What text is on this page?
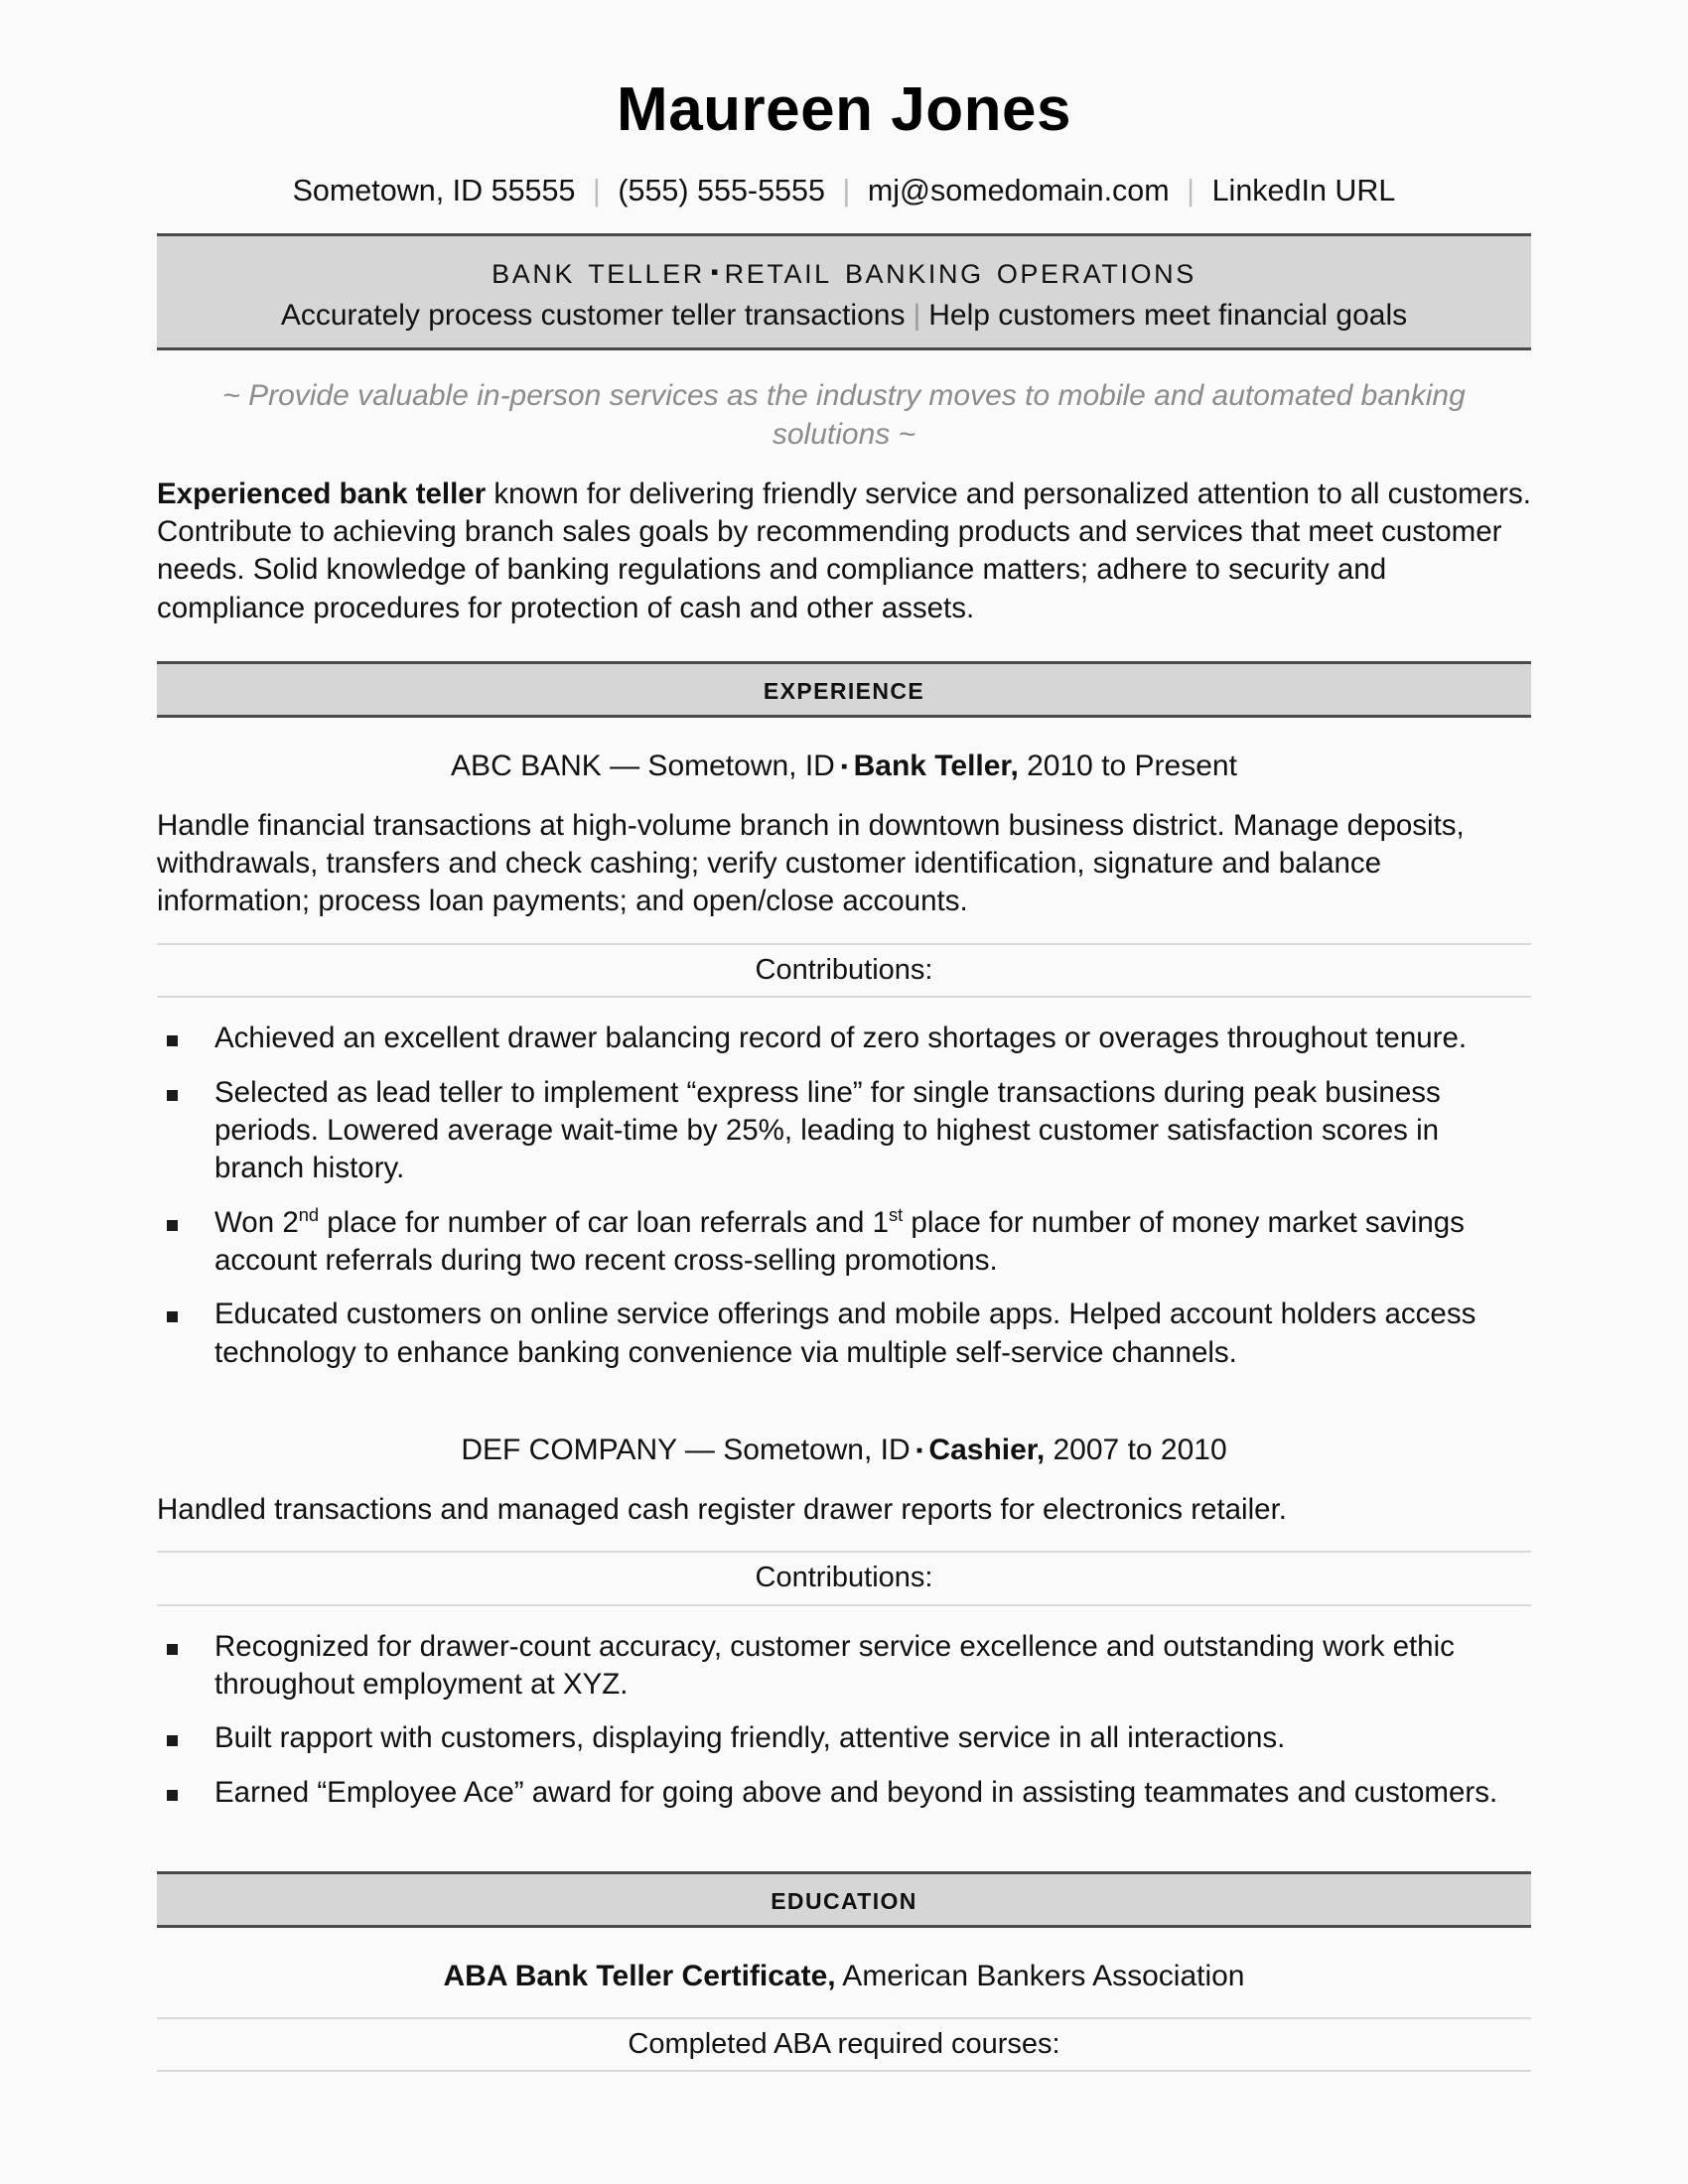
Maureen Jones
Sometown, ID 55555 | (555) 555-5555 | mj@somedomain.com | LinkedIn URL
bank teller ▪ retail banking operations
Accurately process customer teller transactions | Help customers meet financial goals
~ Provide valuable in-person services as the industry moves to mobile and automated banking solutions ~

Experienced bank teller known for delivering friendly service and personalized attention to all customers. Contribute to achieving branch sales goals by recommending products and services that meet customer needs. Solid knowledge of banking regulations and compliance matters; adhere to security and compliance procedures for protection of cash and other assets.

experience
ABC BANK — Sometown, ID ▪ Bank Teller, 2010 to Present

Handle financial transactions at high-volume branch in downtown business district. Manage deposits, withdrawals, transfers and check cashing; verify customer identification, signature and balance information; process loan payments; and open/close accounts.

Contributions:
Achieved an excellent drawer balancing record of zero shortages or overages throughout tenure.
Selected as lead teller to implement “express line” for single transactions during peak business periods. Lowered average wait-time by 25%, leading to highest customer satisfaction scores in branch history.
Won 2nd place for number of car loan referrals and 1st place for number of money market savings account referrals during two recent cross-selling promotions.
Educated customers on online service offerings and mobile apps. Helped account holders access technology to enhance banking convenience via multiple self-service channels.
DEF COMPANY — Sometown, ID ▪ Cashier, 2007 to 2010

Handled transactions and managed cash register drawer reports for electronics retailer.

Contributions:
Recognized for drawer-count accuracy, customer service excellence and outstanding work ethic throughout employment at XYZ.
Built rapport with customers, displaying friendly, attentive service in all interactions.
Earned “Employee Ace” award for going above and beyond in assisting teammates and customers.
education
ABA Bank Teller Certificate, American Bankers Association
Completed ABA required courses:
